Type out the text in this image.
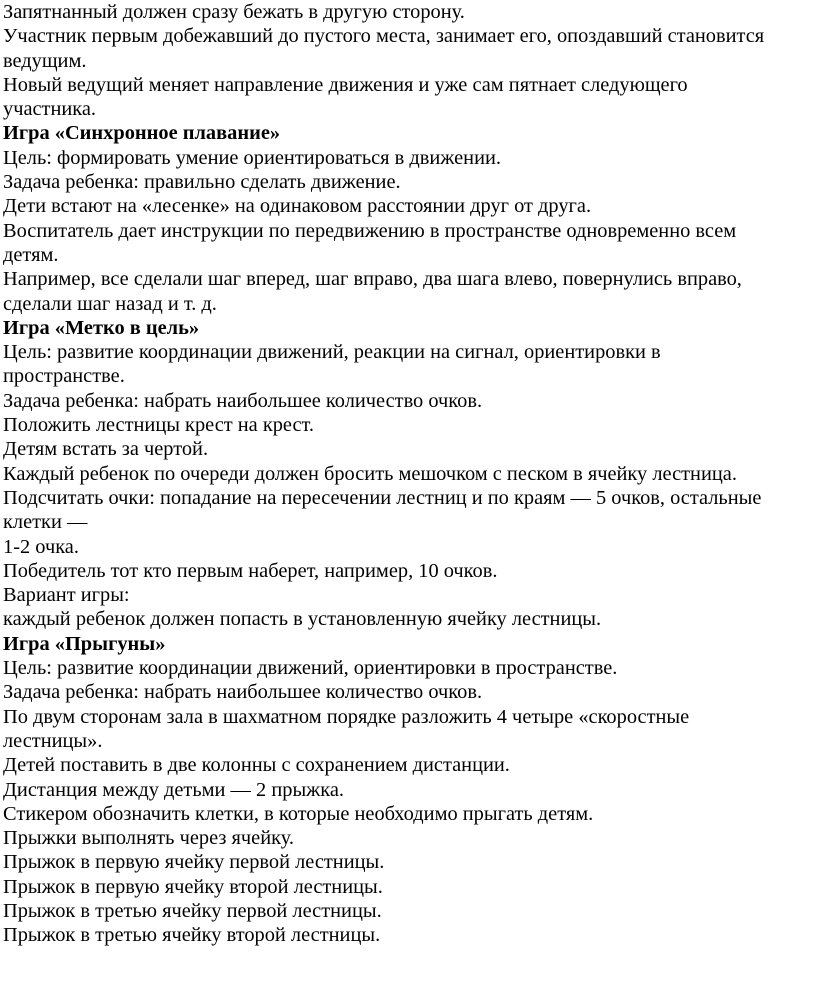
Запятнанный должен сразу бежать в другую сторону.
Участник первым добежавший до пустого места, занимает его, опоздавший становится
ведущим.
Новый ведущий меняет направление движения и уже сам пятнает следующего
участника.
Игра «Синхронное плавание»
Цель: формировать умение ориентироваться в движении.
Задача ребенка: правильно сделать движение.
Дети встают на «лесенке» на одинаковом расстоянии друг от друга.
Воспитатель дает инструкции по передвижению в пространстве одновременно всем
детям.
Например, все сделали шаг вперед, шаг вправо, два шага влево, повернулись вправо,
сделали шаг назад и т. д.
Игра «Метко в цель»
Цель: развитие координации движений, реакции на сигнал, ориентировки в
пространстве.
Задача ребенка: набрать наибольшее количество очков.
Положить лестницы крест на крест.
Детям встать за чертой.
Каждый ребенок по очереди должен бросить мешочком с песком в ячейку лестница.
Подсчитать очки: попадание на пересечении лестниц и по краям — 5 очков, остальные
клетки —
1-2 очка.
Победитель тот кто первым наберет, например, 10 очков.
Вариант игры:
каждый ребенок должен попасть в установленную ячейку лестницы.
Игра «Прыгуны»
Цель: развитие координации движений, ориентировки в пространстве.
Задача ребенка: набрать наибольшее количество очков.
По двум сторонам зала в шахматном порядке разложить 4 четыре «скоростные
лестницы».
Детей поставить в две колонны с сохранением дистанции.
Дистанция между детьми — 2 прыжка.
Стикером обозначить клетки, в которые необходимо прыгать детям.
Прыжки выполнять через ячейку.
Прыжок в первую ячейку первой лестницы.
Прыжок в первую ячейку второй лестницы.
Прыжок в третью ячейку первой лестницы.
Прыжок в третью ячейку второй лестницы.
